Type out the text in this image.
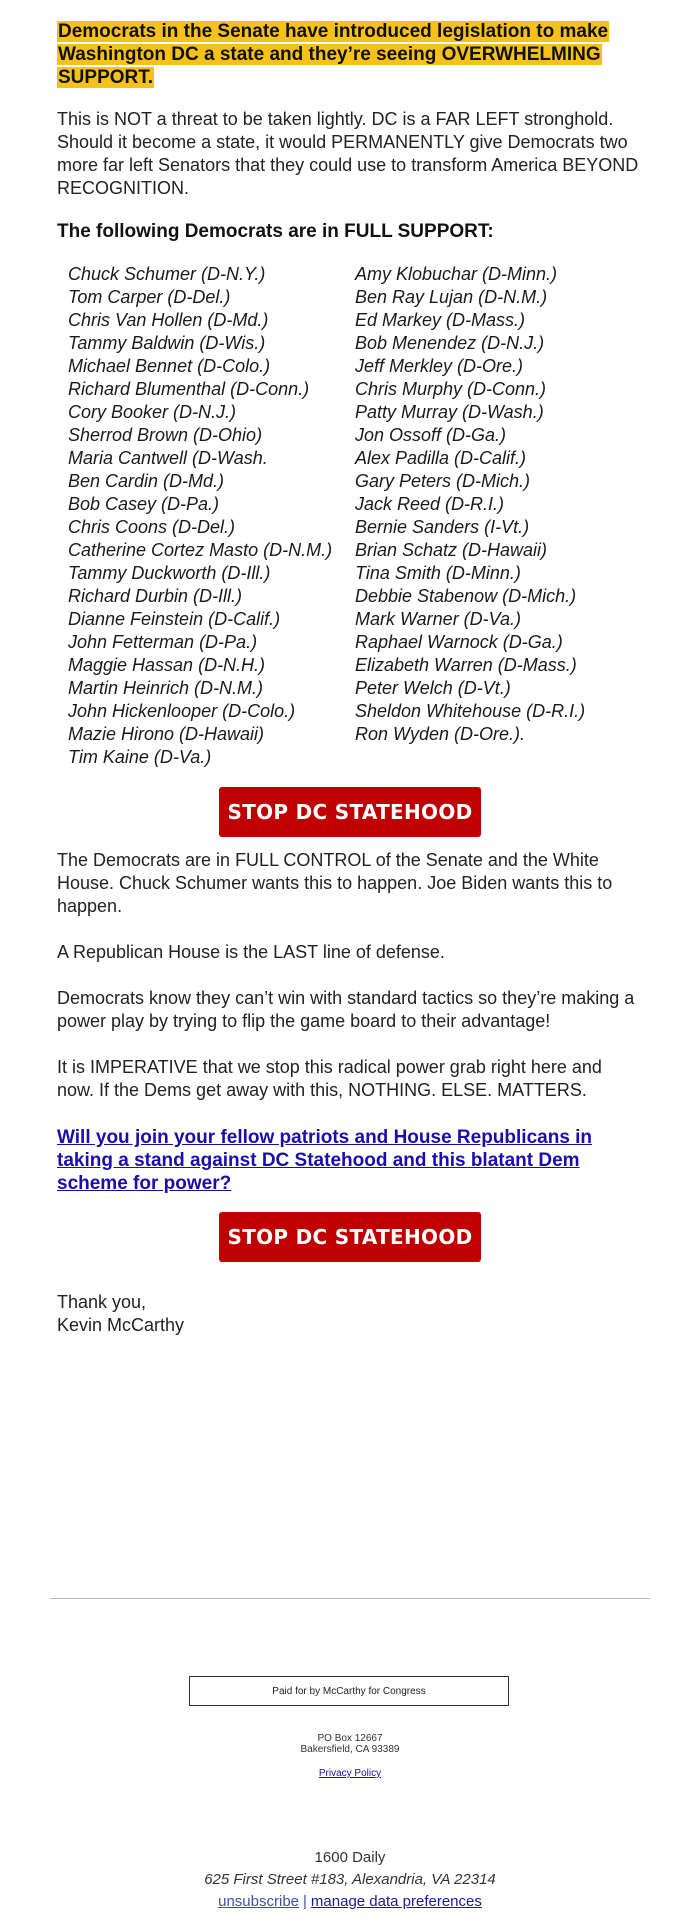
Democrats in the Senate have introduced legislation to make Washington DC a state and they’re seeing OVERWHELMING SUPPORT.

This is NOT a threat to be taken lightly. DC is a FAR LEFT stronghold. Should it become a state, it would PERMANENTLY give Democrats two more far left Senators that they could use to transform America BEYOND RECOGNITION.

The following Democrats are in FULL SUPPORT:

Chuck Schumer (D-N.Y.)
Tom Carper (D-Del.)
Chris Van Hollen (D-Md.)
Tammy Baldwin (D-Wis.)
Michael Bennet (D-Colo.)
Richard Blumenthal (D-Conn.)
Cory Booker (D-N.J.)
Sherrod Brown (D-Ohio)
Maria Cantwell (D-Wash.
Ben Cardin (D-Md.)
Bob Casey (D-Pa.)
Chris Coons (D-Del.)
Catherine Cortez Masto (D-N.M.)
Tammy Duckworth (D-Ill.)
Richard Durbin (D-Ill.)
Dianne Feinstein (D-Calif.)
John Fetterman (D-Pa.)
Maggie Hassan (D-N.H.)
Martin Heinrich (D-N.M.)
John Hickenlooper (D-Colo.)
Mazie Hirono (D-Hawaii)
Tim Kaine (D-Va.)
Amy Klobuchar (D-Minn.)
Ben Ray Lujan (D-N.M.)
Ed Markey (D-Mass.)
Bob Menendez (D-N.J.)
Jeff Merkley (D-Ore.)
Chris Murphy (D-Conn.)
Patty Murray (D-Wash.)
Jon Ossoff (D-Ga.)
Alex Padilla (D-Calif.)
Gary Peters (D-Mich.)
Jack Reed (D-R.I.)
Bernie Sanders (I-Vt.)
Brian Schatz (D-Hawaii)
Tina Smith (D-Minn.)
Debbie Stabenow (D-Mich.)
Mark Warner (D-Va.)
Raphael Warnock (D-Ga.)
Elizabeth Warren (D-Mass.)
Peter Welch (D-Vt.)
Sheldon Whitehouse (D-R.I.)
Ron Wyden (D-Ore.).
STOP DC STATEHOOD

The Democrats are in FULL CONTROL of the Senate and the White House. Chuck Schumer wants this to happen. Joe Biden wants this to happen.

A Republican House is the LAST line of defense.

Democrats know they can’t win with standard tactics so they’re making a power play by trying to flip the game board to their advantage!

It is IMPERATIVE that we stop this radical power grab right here and now. If the Dems get away with this, NOTHING. ELSE. MATTERS.

Will you join your fellow patriots and House Republicans in taking a stand against DC Statehood and this blatant Dem scheme for power?

STOP DC STATEHOOD

Thank you,

Kevin McCarthy

Paid for by McCarthy for Congress
PO Box 12667
Bakersfield, CA 93389
Privacy Policy
1600 Daily
625 First Street #183, Alexandria, VA 22314
unsubscribe | manage data preferences
